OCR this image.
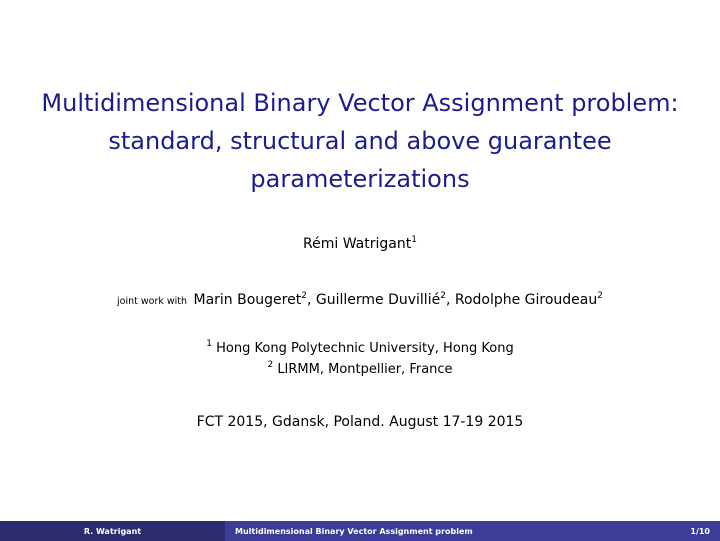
Multidimensional Binary Vector Assignment problem:
standard, structural and above guarantee
parameterizations
Rémi Watrigant$^1$
joint work with Marin Bougeret$^2$, Guillerme Duvillié$^2$, Rodolphe Giroudeau$^2$
$^1$ Hong Kong Polytechnic University, Hong Kong
$^2$ LIRMM, Montpellier, France
FCT 2015, Gdansk, Poland. August 17-19 2015
R. Watrigant	Multidimensional Binary Vector Assignment problem	1/10
